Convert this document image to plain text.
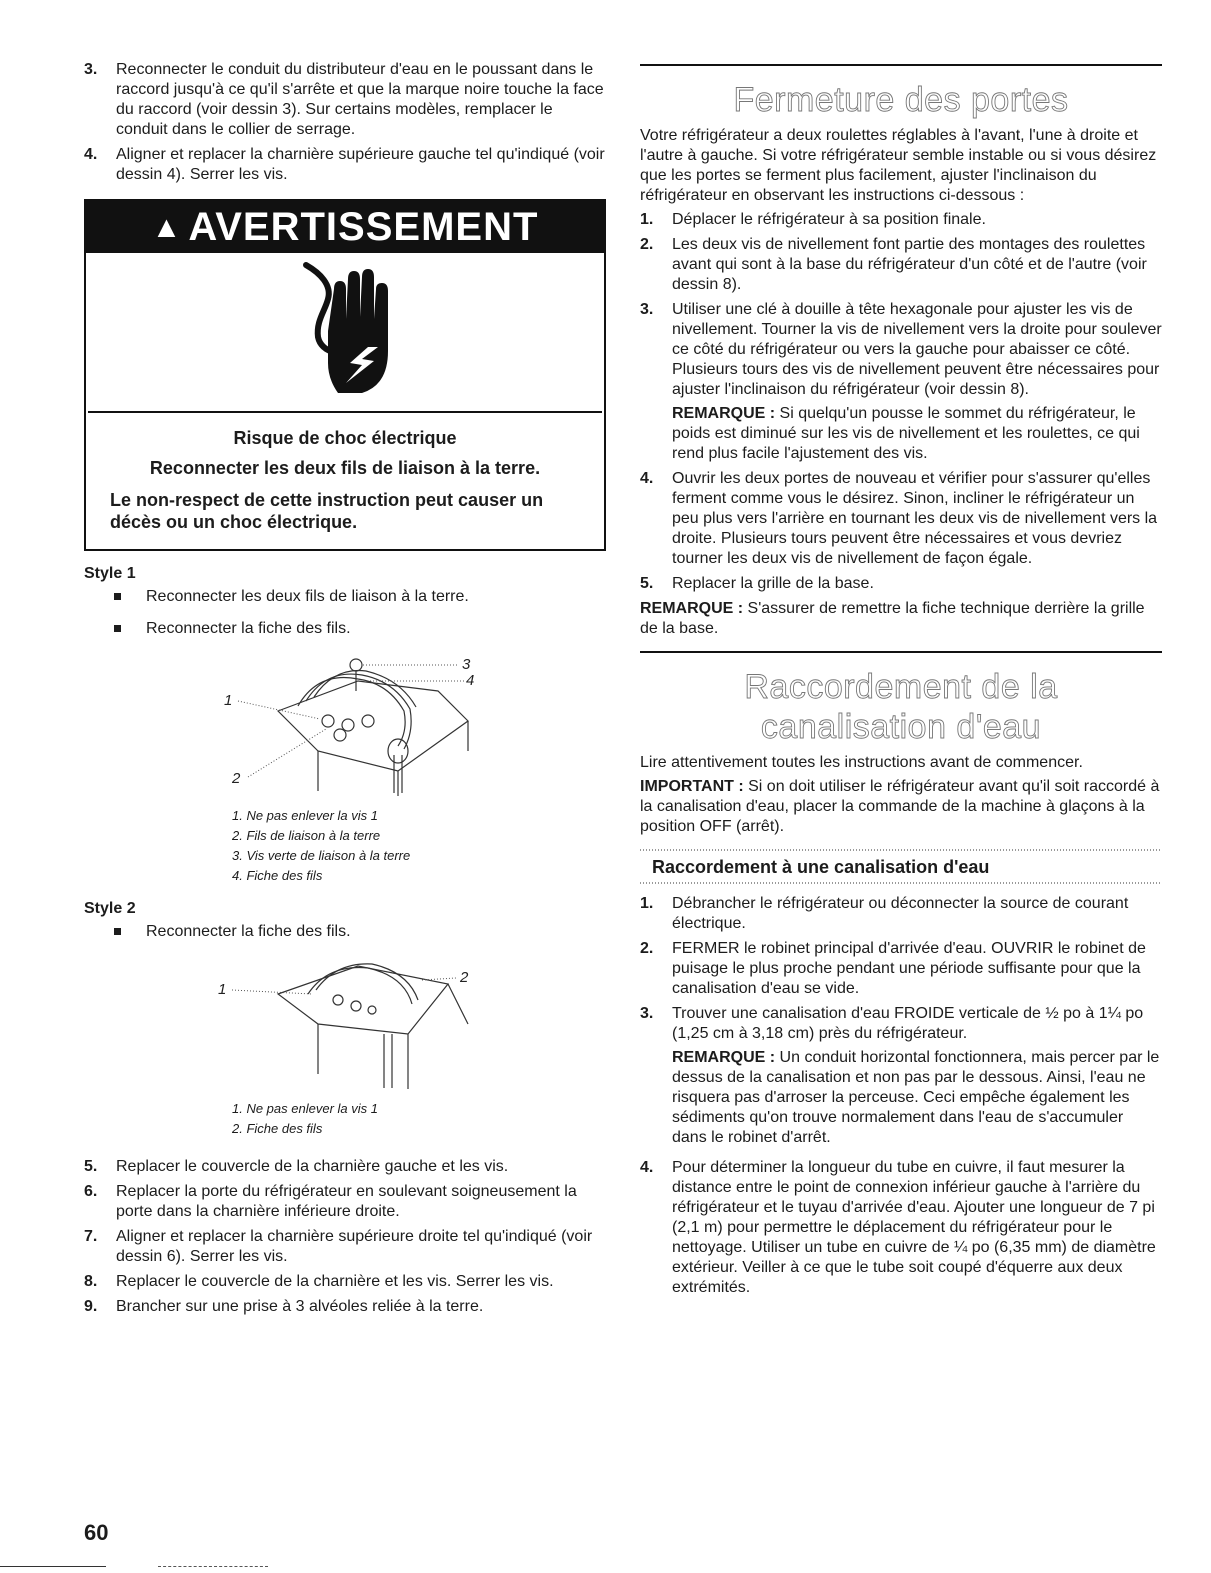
3.	Reconnecter le conduit du distributeur d'eau en le poussant dans le raccord jusqu'à ce qu'il s'arrête et que la marque noire touche la face du raccord (voir dessin 3). Sur certains modèles, remplacer le conduit dans le collier de serrage.
4.	Aligner et replacer la charnière supérieure gauche tel qu'indiqué (voir dessin 4). Serrer les vis.
▲ AVERTISSEMENT
Risque de choc électrique
Reconnecter les deux fils de liaison à la terre.
Le non-respect de cette instruction peut causer un décès ou un choc électrique.
Style 1
Reconnecter les deux fils de liaison à la terre.
Reconnecter la fiche des fils.
3
4
1
2
1. Ne pas enlever la vis 1
2. Fils de liaison à la terre
3. Vis verte de liaison à la terre
4. Fiche des fils
Style 2
Reconnecter la fiche des fils.
1
2
1. Ne pas enlever la vis 1
2. Fiche des fils
5.	Replacer le couvercle de la charnière gauche et les vis.
6.	Replacer la porte du réfrigérateur en soulevant soigneusement la porte dans la charnière inférieure droite.
7.	Aligner et replacer la charnière supérieure droite tel qu'indiqué (voir dessin 6). Serrer les vis.
8.	Replacer le couvercle de la charnière et les vis. Serrer les vis.
9.	Brancher sur une prise à 3 alvéoles reliée à la terre.
Fermeture des portes

Votre réfrigérateur a deux roulettes réglables à l'avant, l'une à droite et l'autre à gauche. Si votre réfrigérateur semble instable ou si vous désirez que les portes se ferment plus facilement, ajuster l'inclinaison du réfrigérateur en observant les instructions ci-dessous :

1.	Déplacer le réfrigérateur à sa position finale.
2.	Les deux vis de nivellement font partie des montages des roulettes avant qui sont à la base du réfrigérateur d'un côté et de l'autre (voir dessin 8).
3.	Utiliser une clé à douille à tête hexagonale pour ajuster les vis de nivellement. Tourner la vis de nivellement vers la droite pour soulever ce côté du réfrigérateur ou vers la gauche pour abaisser ce côté. Plusieurs tours des vis de nivellement peuvent être nécessaires pour ajuster l'inclinaison du réfrigérateur (voir dessin 8).

REMARQUE : Si quelqu'un pousse le sommet du réfrigérateur, le poids est diminué sur les vis de nivellement et les roulettes, ce qui rend plus facile l'ajustement des vis.

4.	Ouvrir les deux portes de nouveau et vérifier pour s'assurer qu'elles ferment comme vous le désirez. Sinon, incliner le réfrigérateur un peu plus vers l'arrière en tournant les deux vis de nivellement vers la droite. Plusieurs tours peuvent être nécessaires et vous devriez tourner les deux vis de nivellement de façon égale.
5.	Replacer la grille de la base.

REMARQUE : S'assurer de remettre la fiche technique derrière la grille de la base.

Raccordement de la
canalisation d'eau

Lire attentivement toutes les instructions avant de commencer.

IMPORTANT : Si on doit utiliser le réfrigérateur avant qu'il soit raccordé à la canalisation d'eau, placer la commande de la machine à glaçons à la position OFF (arrêt).

Raccordement à une canalisation d'eau
1.	Débrancher le réfrigérateur ou déconnecter la source de courant électrique.
2.	FERMER le robinet principal d'arrivée d'eau. OUVRIR le robinet de puisage le plus proche pendant une période suffisante pour que la canalisation d'eau se vide.
3.	Trouver une canalisation d'eau FROIDE verticale de ½ po à 1¼ po (1,25 cm à 3,18 cm) près du réfrigérateur.

REMARQUE : Un conduit horizontal fonctionnera, mais percer par le dessus de la canalisation et non pas par le dessous. Ainsi, l'eau ne risquera pas d'arroser la perceuse. Ceci empêche également les sédiments qu'on trouve normalement dans l'eau de s'accumuler dans le robinet d'arrêt.

4.	Pour déterminer la longueur du tube en cuivre, il faut mesurer la distance entre le point de connexion inférieur gauche à l'arrière du réfrigérateur et le tuyau d'arrivée d'eau. Ajouter une longueur de 7 pi (2,1 m) pour permettre le déplacement du réfrigérateur pour le nettoyage. Utiliser un tube en cuivre de ¼ po (6,35 mm) de diamètre extérieur. Veiller à ce que le tube soit coupé d'équerre aux deux extrémités.
60
